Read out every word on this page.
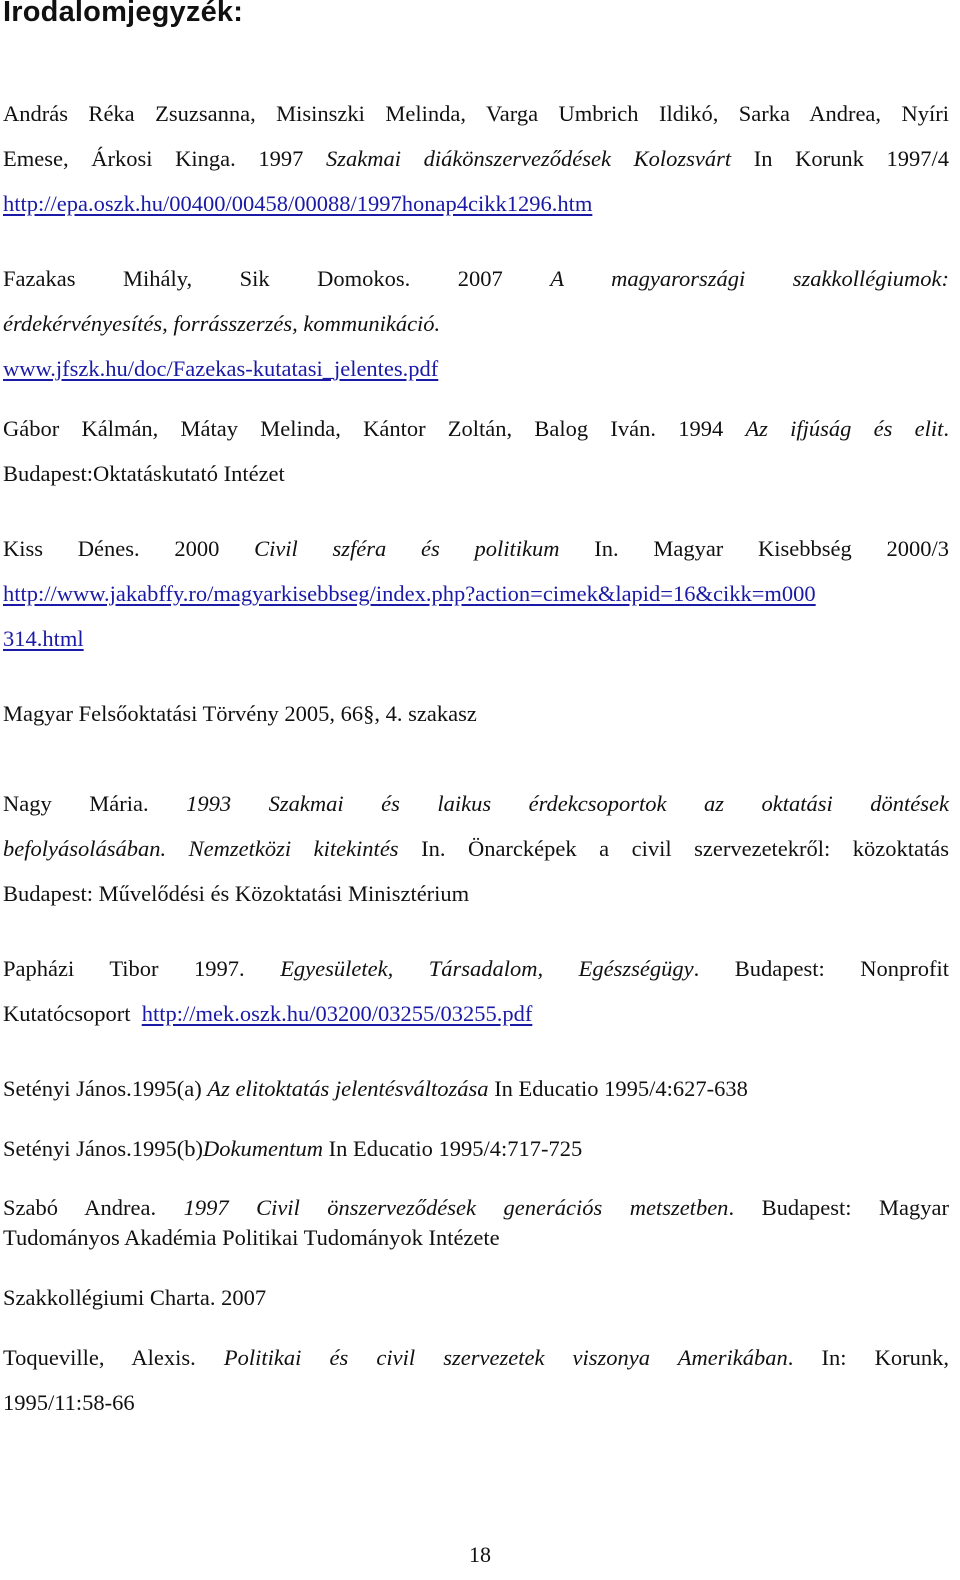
Irodalomjegyzék:
András Réka Zsuzsanna, Misinszki Melinda, Varga Umbrich Ildikó, Sarka Andrea, Nyíri
Emese, Árkosi Kinga. 1997 Szakmai diákönszerveződések Kolozsvárt In Korunk 1997/4
http://epa.oszk.hu/00400/00458/00088/1997honap4cikk1296.htm
Fazakas Mihály, Sik Domokos. 2007 A magyarországi szakkollégiumok:
érdekérvényesítés, forrásszerzés, kommunikáció.
www.jfszk.hu/doc/Fazekas-kutatasi_jelentes.pdf
Gábor Kálmán, Mátay Melinda, Kántor Zoltán, Balog Iván. 1994 Az ifjúság és elit.
Budapest:Oktatáskutató Intézet
Kiss Dénes. 2000 Civil szféra és politikum In. Magyar Kisebbség 2000/3
http://www.jakabffy.ro/magyarkisebbseg/index.php?action=cimek&lapid=16&cikk=m000
314.html
Magyar Felsőoktatási Törvény 2005, 66§, 4. szakasz
Nagy Mária. 1993 Szakmai és laikus érdekcsoportok az oktatási döntések
befolyásolásában. Nemzetközi kitekintés In. Önarcképek a civil szervezetekről: közoktatás
Budapest: Művelődési és Közoktatási Minisztérium
Papházi Tibor 1997. Egyesületek, Társadalom, Egészségügy. Budapest: Nonprofit
Kutatócsoport http://mek.oszk.hu/03200/03255/03255.pdf
Setényi János.1995(a) Az elitoktatás jelentésváltozása In Educatio 1995/4:627-638
Setényi János.1995(b)Dokumentum In Educatio 1995/4:717-725
Szabó Andrea. 1997 Civil önszerveződések generációs metszetben. Budapest: Magyar
Tudományos Akadémia Politikai Tudományok Intézete
Szakkollégiumi Charta. 2007
Toqueville, Alexis. Politikai és civil szervezetek viszonya Amerikában. In: Korunk,
1995/11:58-66
18
